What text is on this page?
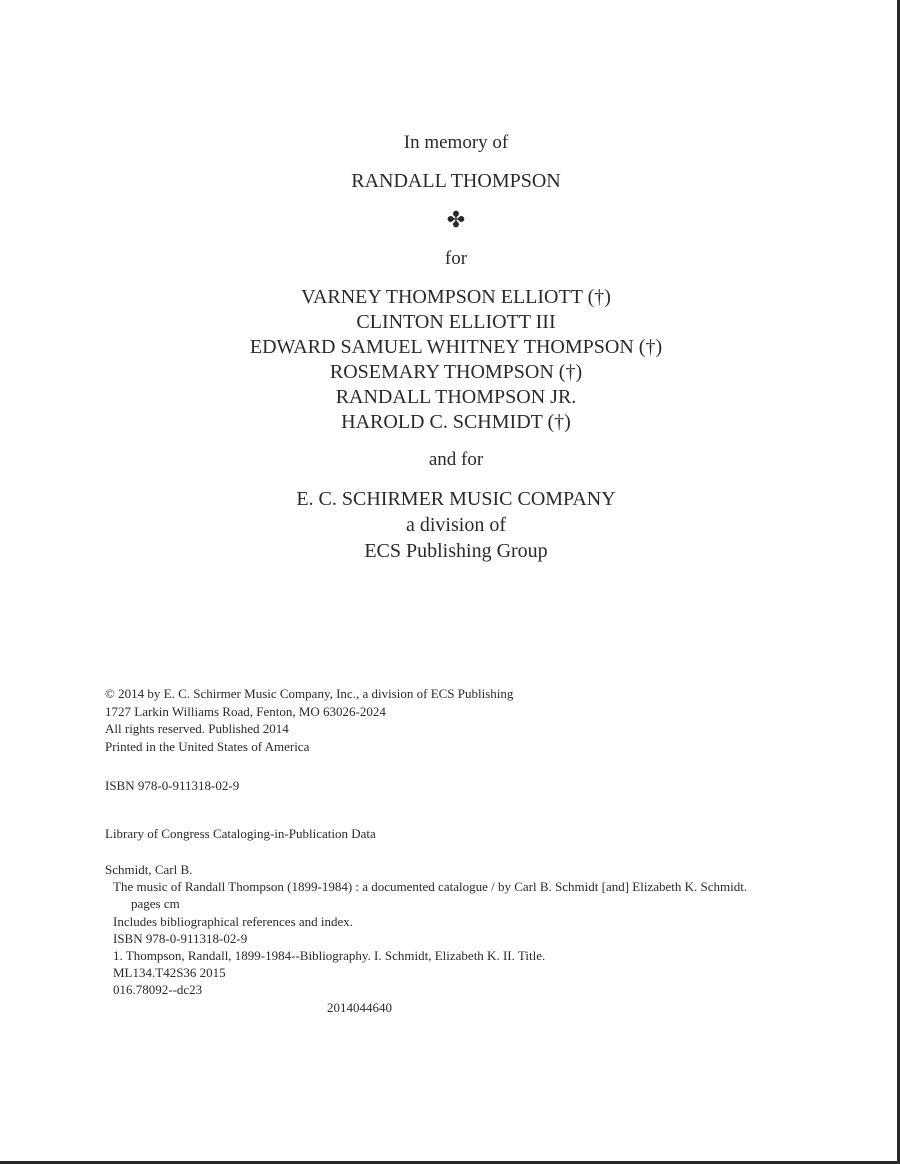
In memory of
RANDALL THOMPSON
✤
for
VARNEY THOMPSON ELLIOTT (†)
CLINTON ELLIOTT III
EDWARD SAMUEL WHITNEY THOMPSON (†)
ROSEMARY THOMPSON (†)
RANDALL THOMPSON JR.
HAROLD C. SCHMIDT (†)
and for
E. C. SCHIRMER MUSIC COMPANY
a division of
ECS Publishing Group
© 2014 by E. C. Schirmer Music Company, Inc., a division of ECS Publishing
1727 Larkin Williams Road, Fenton, MO 63026-2024
All rights reserved. Published 2014
Printed in the United States of America
ISBN 978-0-911318-02-9
Library of Congress Cataloging-in-Publication Data
Schmidt, Carl B.
The music of Randall Thompson (1899-1984) : a documented catalogue / by Carl B. Schmidt [and] Elizabeth K. Schmidt.
pages cm
Includes bibliographical references and index.
ISBN 978-0-911318-02-9
1. Thompson, Randall, 1899-1984--Bibliography. I. Schmidt, Elizabeth K. II. Title.
ML134.T42S36 2015
016.78092--dc23
2014044640
